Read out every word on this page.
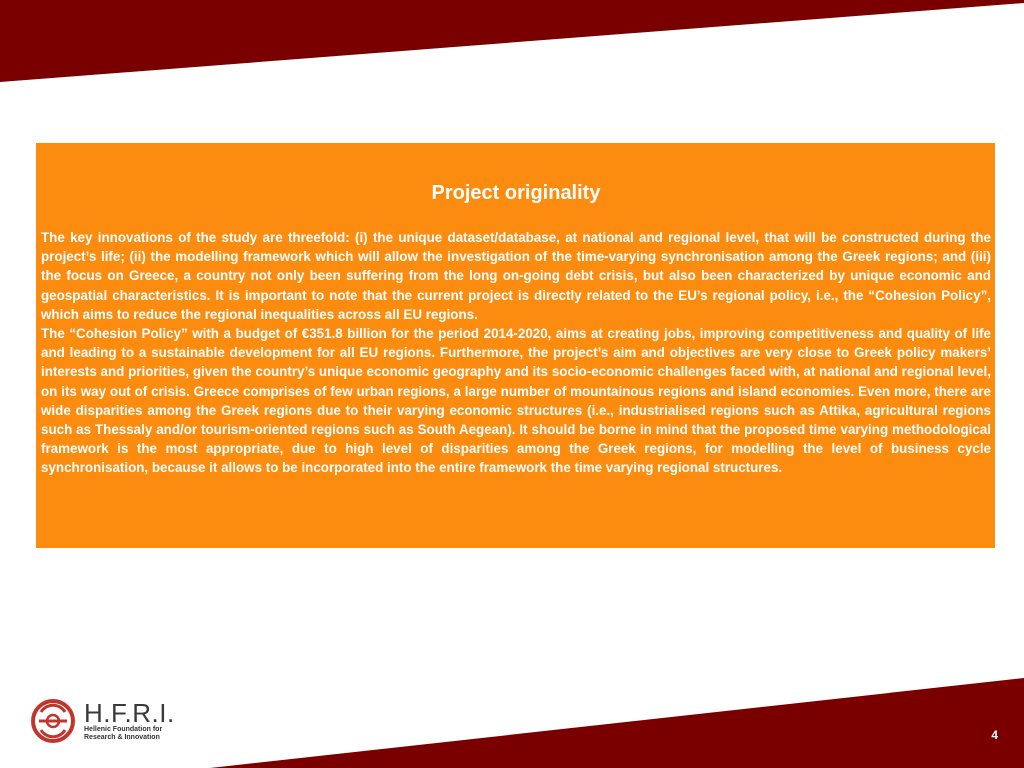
Project originality

The key innovations of the study are threefold: (i) the unique dataset/database, at national and regional level, that will be constructed during the project’s life; (ii) the modelling framework which will allow the investigation of the time-varying synchronisation among the Greek regions; and (iii) the focus on Greece, a country not only been suffering from the long on-going debt crisis, but also been characterized by unique economic and geospatial characteristics. It is important to note that the current project is directly related to the EU’s regional policy, i.e., the “Cohesion Policy”, which aims to reduce the regional inequalities across all EU regions.

The “Cohesion Policy” with a budget of €351.8 billion for the period 2014-2020, aims at creating jobs, improving competitiveness and quality of life and leading to a sustainable development for all EU regions. Furthermore, the project’s aim and objectives are very close to Greek policy makers’ interests and priorities, given the country’s unique economic geography and its socio-economic challenges faced with, at national and regional level, on its way out of crisis. Greece comprises of few urban regions, a large number of mountainous regions and island economies. Even more, there are wide disparities among the Greek regions due to their varying economic structures (i.e., industrialised regions such as Attika, agricultural regions such as Thessaly and/or tourism-oriented regions such as South Aegean). It should be borne in mind that the proposed time varying methodological framework is the most appropriate, due to high level of disparities among the Greek regions, for modelling the level of business cycle synchronisation, because it allows to be incorporated into the entire framework the time varying regional structures.

H.F.R.I.
Hellenic Foundation for
Research & Innovation	4
